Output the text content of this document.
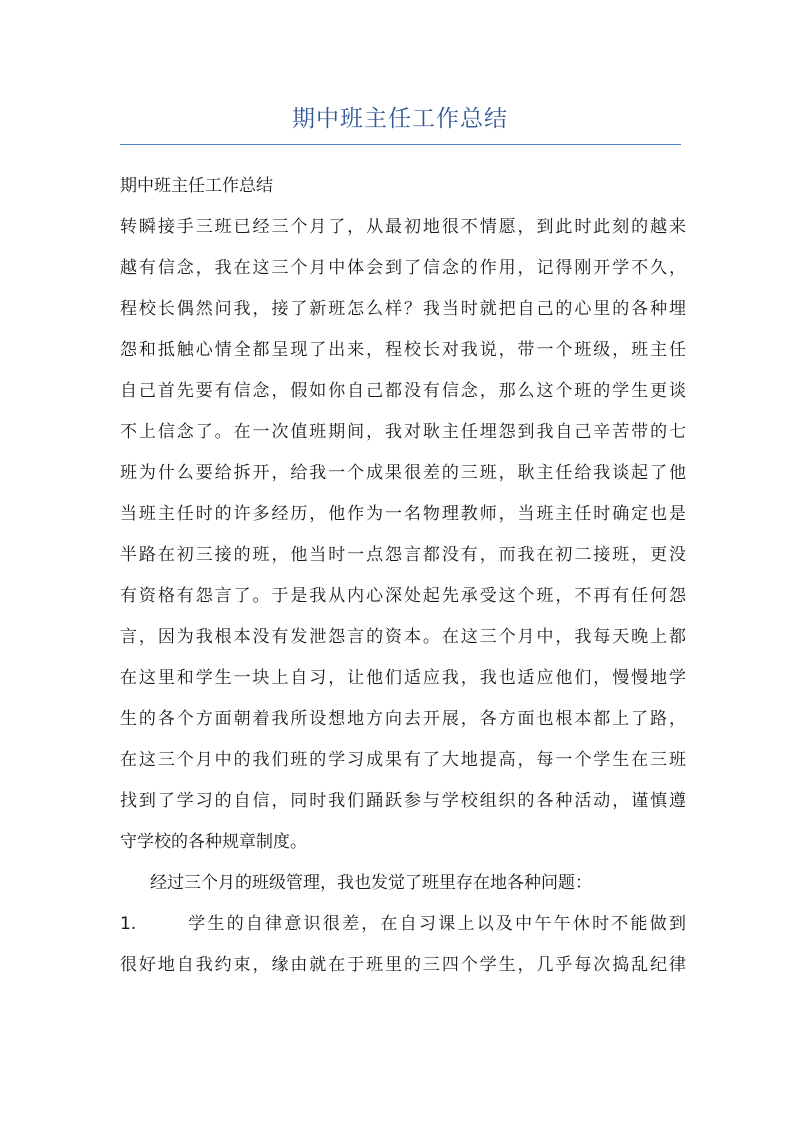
期中班主任工作总结
期中班主任工作总结
转瞬接手三班已经三个月了，从最初地很不情愿，到此时此刻的越来
越有信念，我在这三个月中体会到了信念的作用，记得刚开学不久，
程校长偶然问我，接了新班怎么样？我当时就把自己的心里的各种埋
怨和抵触心情全都呈现了出来，程校长对我说，带一个班级，班主任
自己首先要有信念，假如你自己都没有信念，那么这个班的学生更谈
不上信念了。在一次值班期间，我对耿主任埋怨到我自己辛苦带的七
班为什么要给拆开，给我一个成果很差的三班，耿主任给我谈起了他
当班主任时的许多经历，他作为一名物理教师，当班主任时确定也是
半路在初三接的班，他当时一点怨言都没有，而我在初二接班，更没
有资格有怨言了。于是我从内心深处起先承受这个班，不再有任何怨
言，因为我根本没有发泄怨言的资本。在这三个月中，我每天晚上都
在这里和学生一块上自习，让他们适应我，我也适应他们，慢慢地学
生的各个方面朝着我所设想地方向去开展，各方面也根本都上了路，
在这三个月中的我们班的学习成果有了大地提高，每一个学生在三班
找到了学习的自信，同时我们踊跃参与学校组织的各种活动，谨慎遵
守学校的各种规章制度。
经过三个月的班级管理，我也发觉了班里存在地各种问题：
1.	学生的自律意识很差，在自习课上以及中午午休时不能做到
很好地自我约束，缘由就在于班里的三四个学生，几乎每次捣乱纪律
